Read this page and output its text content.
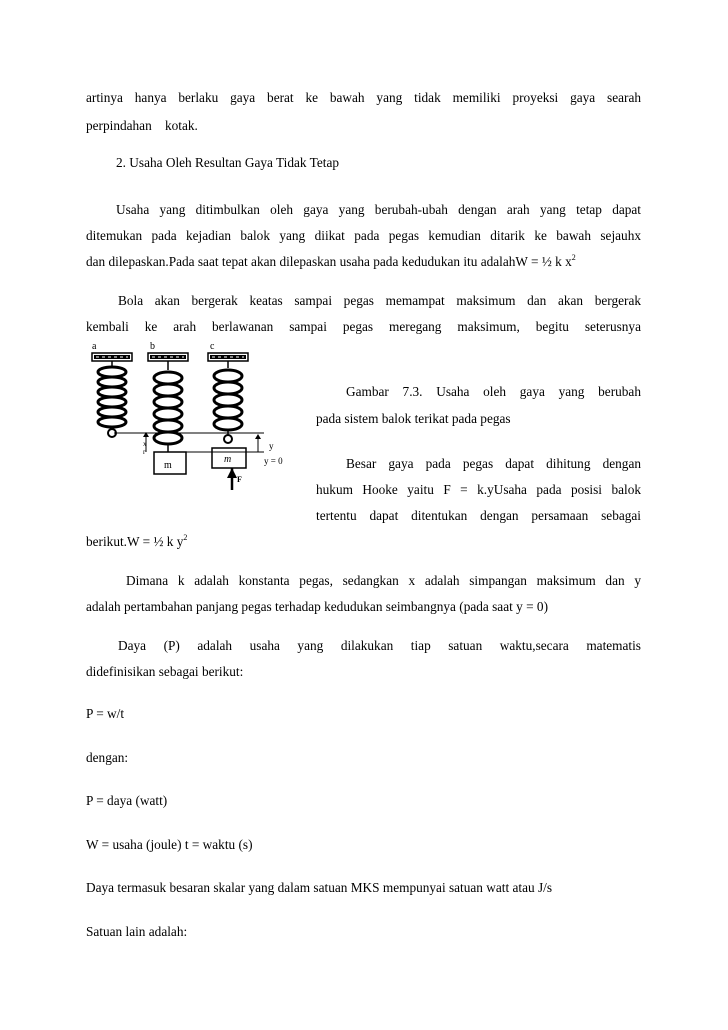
artinya hanya berlaku gaya berat ke bawah yang tidak memiliki proyeksi gaya searah
perpindahan    kotak.
2. Usaha Oleh Resultan Gaya Tidak Tetap
Usaha yang ditimbulkan oleh gaya yang berubah-ubah dengan arah yang tetap dapat
ditemukan pada kejadian balok yang diikat pada pegas kemudian ditarik ke bawah sejauhx
dan dilepaskan.Pada saat tepat akan dilepaskan usaha pada kedudukan itu adalahW = ½ k $x^2$
Bola akan bergerak keatas sampai pegas memampat maksimum dan akan bergerak
kembali ke arah berlawanan sampai pegas meregang maksimum, begitu seterusnya
a	b	c
m
m
x
r
y
y = 0
F
Gambar 7.3. Usaha oleh gaya yang berubah
pada sistem balok terikat pada pegas
Besar gaya pada pegas dapat dihitung dengan
hukum Hooke yaitu F = k.yUsaha pada posisi balok
tertentu dapat ditentukan dengan persamaan sebagai
berikut.W = ½ k $y^2$
Dimana k adalah konstanta pegas, sedangkan x adalah simpangan maksimum dan y
adalah pertambahan panjang pegas terhadap kedudukan seimbangnya (pada saat y = 0)
Daya (P) adalah usaha yang dilakukan tiap satuan waktu,secara matematis
didefinisikan sebagai berikut:
P = w/t
dengan:
P = daya (watt)
W = usaha (joule) t = waktu (s)
Daya termasuk besaran skalar yang dalam satuan MKS mempunyai satuan watt atau J/s
Satuan lain adalah:
